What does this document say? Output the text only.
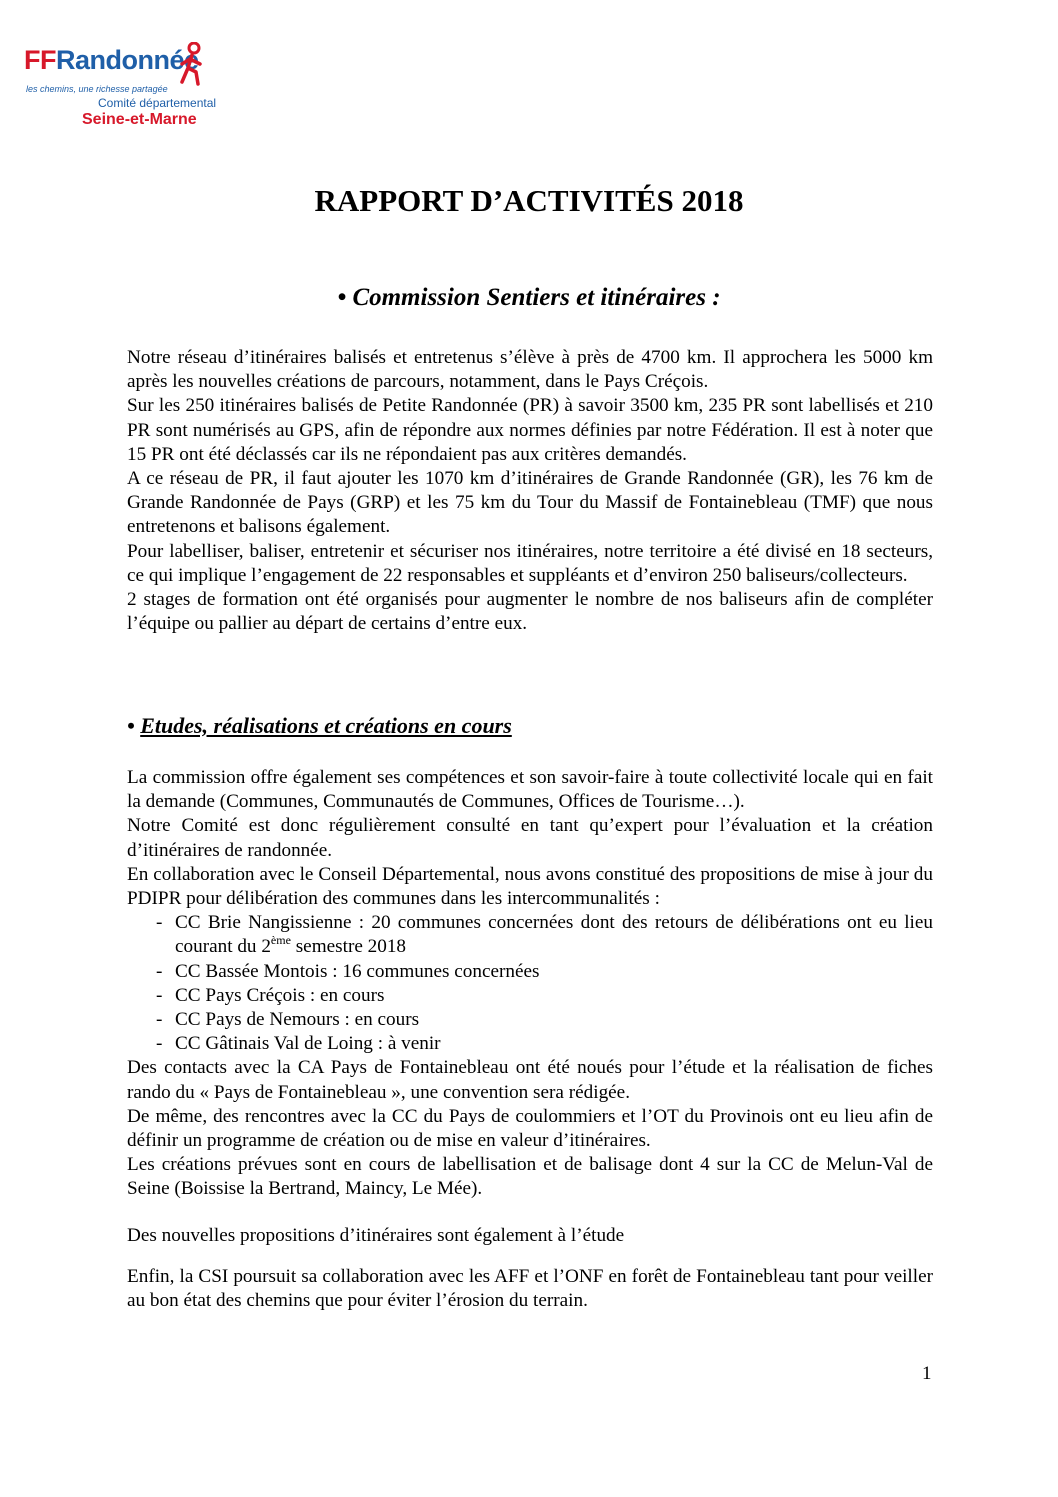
FFRandonnée
les chemins, une richesse partagée
Comité départemental
Seine-et-Marne
RAPPORT D’ACTIVITÉS 2018
• Commission Sentiers et itinéraires :

Notre réseau d’itinéraires balisés et entretenus s’élève à près de 4700 km. Il approchera les 5000 km après les nouvelles créations de parcours, notamment, dans le Pays Créçois.

Sur les 250 itinéraires balisés de Petite Randonnée (PR) à savoir 3500 km, 235 PR sont labellisés et 210 PR sont numérisés au GPS, afin de répondre aux normes définies par notre Fédération. Il est à noter que 15 PR ont été déclassés car ils ne répondaient pas aux critères demandés.

A ce réseau de PR, il faut ajouter les 1070 km d’itinéraires de Grande Randonnée (GR), les 76 km de Grande Randonnée de Pays (GRP) et les 75 km du Tour du Massif de Fontainebleau (TMF) que nous entretenons et balisons également.

Pour labelliser, baliser, entretenir et sécuriser nos itinéraires, notre territoire a été divisé en 18 secteurs, ce qui implique l’engagement de 22 responsables et suppléants et d’environ 250 baliseurs/collecteurs.

2 stages de formation ont été organisés pour augmenter le nombre de nos baliseurs afin de compléter l’équipe ou pallier au départ de certains d’entre eux.

• Etudes, réalisations et créations en cours

La commission offre également ses compétences et son savoir-faire à toute collectivité locale qui en fait la demande (Communes, Communautés de Communes, Offices de Tourisme…).

Notre Comité est donc régulièrement consulté en tant qu’expert pour l’évaluation et la création d’itinéraires de randonnée.

En collaboration avec le Conseil Départemental, nous avons constitué des propositions de mise à jour du PDIPR pour délibération des communes dans les intercommunalités :

- CC Brie Nangissienne : 20 communes concernées dont des retours de délibérations ont eu lieu courant du 2ème semestre 2018
- CC Bassée Montois : 16 communes concernées
- CC Pays Créçois : en cours
- CC Pays de Nemours : en cours
- CC Gâtinais Val de Loing : à venir

Des contacts avec la CA Pays de Fontainebleau ont été noués pour l’étude et la réalisation de fiches rando du « Pays de Fontainebleau », une convention sera rédigée.

De même, des rencontres avec la CC du Pays de coulommiers et l’OT du Provinois ont eu lieu afin de définir un programme de création ou de mise en valeur d’itinéraires.

Les créations prévues sont en cours de labellisation et de balisage dont 4 sur la CC de Melun-Val de Seine (Boissise la Bertrand, Maincy, Le Mée).

Des nouvelles propositions d’itinéraires sont également à l’étude

Enfin, la CSI poursuit sa collaboration avec les AFF et l’ONF en forêt de Fontainebleau tant pour veiller au bon état des chemins que pour éviter l’érosion du terrain.

1
